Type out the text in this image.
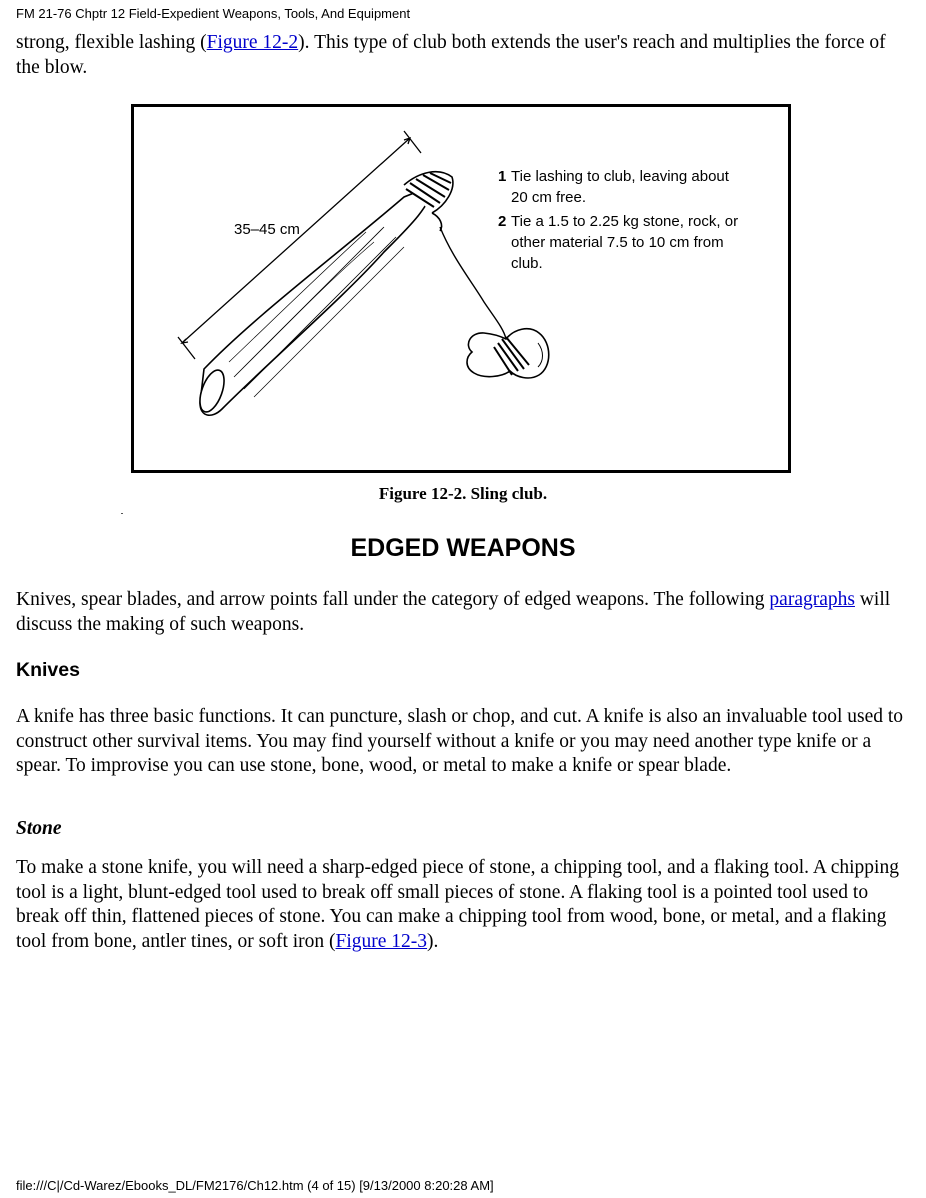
FM 21-76 Chptr 12 Field-Expedient Weapons, Tools, And Equipment

strong, flexible lashing (Figure 12-2). This type of club both extends the user's reach and multiplies the force of the blow.

35–45 cm
1 Tie lashing to club, leaving about
20 cm free.
2 Tie a 1.5 to 2.25 kg stone, rock, or
other material 7.5 to 10 cm from
club.
Figure 12-2. Sling club.
EDGED WEAPONS

Knives, spear blades, and arrow points fall under the category of edged weapons. The following paragraphs will discuss the making of such weapons.

Knives

A knife has three basic functions. It can puncture, slash or chop, and cut. A knife is also an invaluable tool used to construct other survival items. You may find yourself without a knife or you may need another type knife or a spear. To improvise you can use stone, bone, wood, or metal to make a knife or spear blade.

Stone

To make a stone knife, you will need a sharp-edged piece of stone, a chipping tool, and a flaking tool. A chipping tool is a light, blunt-edged tool used to break off small pieces of stone. A flaking tool is a pointed tool used to break off thin, flattened pieces of stone. You can make a chipping tool from wood, bone, or metal, and a flaking tool from bone, antler tines, or soft iron (Figure 12-3).

file:///C|/Cd-Warez/Ebooks_DL/FM2176/Ch12.htm (4 of 15) [9/13/2000 8:20:28 AM]
